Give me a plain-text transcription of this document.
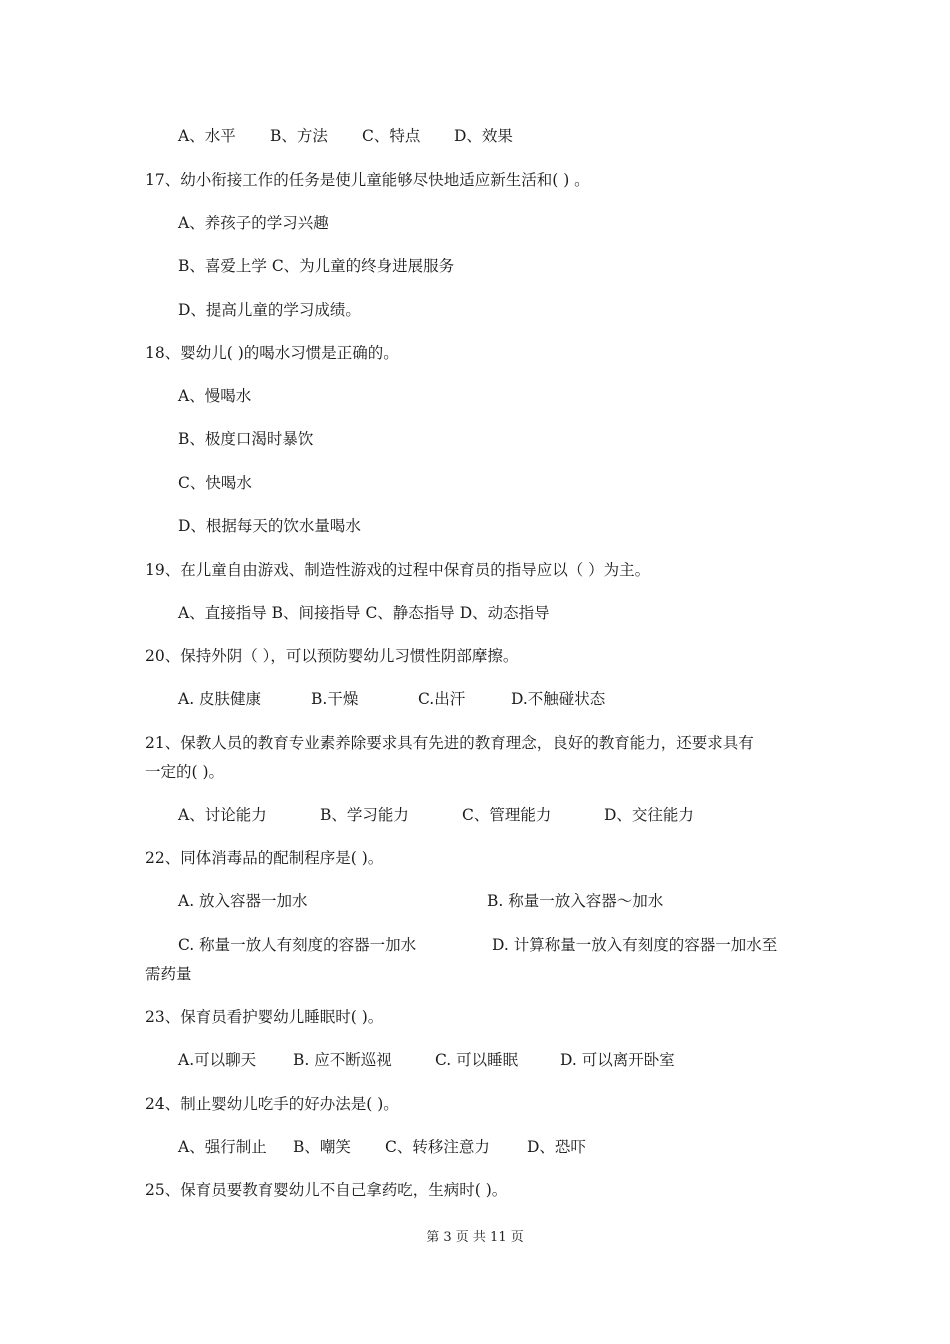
A、水平	B、方法	C、特点	D、效果
17、幼小衔接工作的任务是使儿童能够尽快地适应新生活和( ) 。
A、养孩子的学习兴趣
B、喜爱上学 C、为儿童的终身进展服务
D、提高儿童的学习成绩。
18、婴幼儿( )的喝水习惯是正确的。
A、慢喝水
B、极度口渴时暴饮
C、快喝水
D、根据每天的饮水量喝水
19、在儿童自由游戏、制造性游戏的过程中保育员的指导应以（ ）为主。
A、直接指导 B、间接指导 C、静态指导 D、动态指导
20、保持外阴（ ），可以预防婴幼儿习惯性阴部摩擦。
A. 皮肤健康	B.干燥	C.出汗	D.不触碰状态
21、保教人员的教育专业素养除要求具有先进的教育理念，良好的教育能力，还要求具有
一定的( )。
A、讨论能力	B、学习能力	C、管理能力	D、交往能力
22、同体消毒品的配制程序是( )。
A. 放入容器一加水	B. 称量一放入容器～加水
C. 称量一放人有刻度的容器一加水	D. 计算称量一放入有刻度的容器一加水至
需药量
23、保育员看护婴幼儿睡眠时( )。
A.可以聊天	B. 应不断巡视	C. 可以睡眠	D. 可以离开卧室
24、制止婴幼儿吃手的好办法是( )。
A、强行制止	B、嘲笑	C、转移注意力	D、恐吓
25、保育员要教育婴幼儿不自己拿药吃，生病时( )。
第 3 页 共 11 页
